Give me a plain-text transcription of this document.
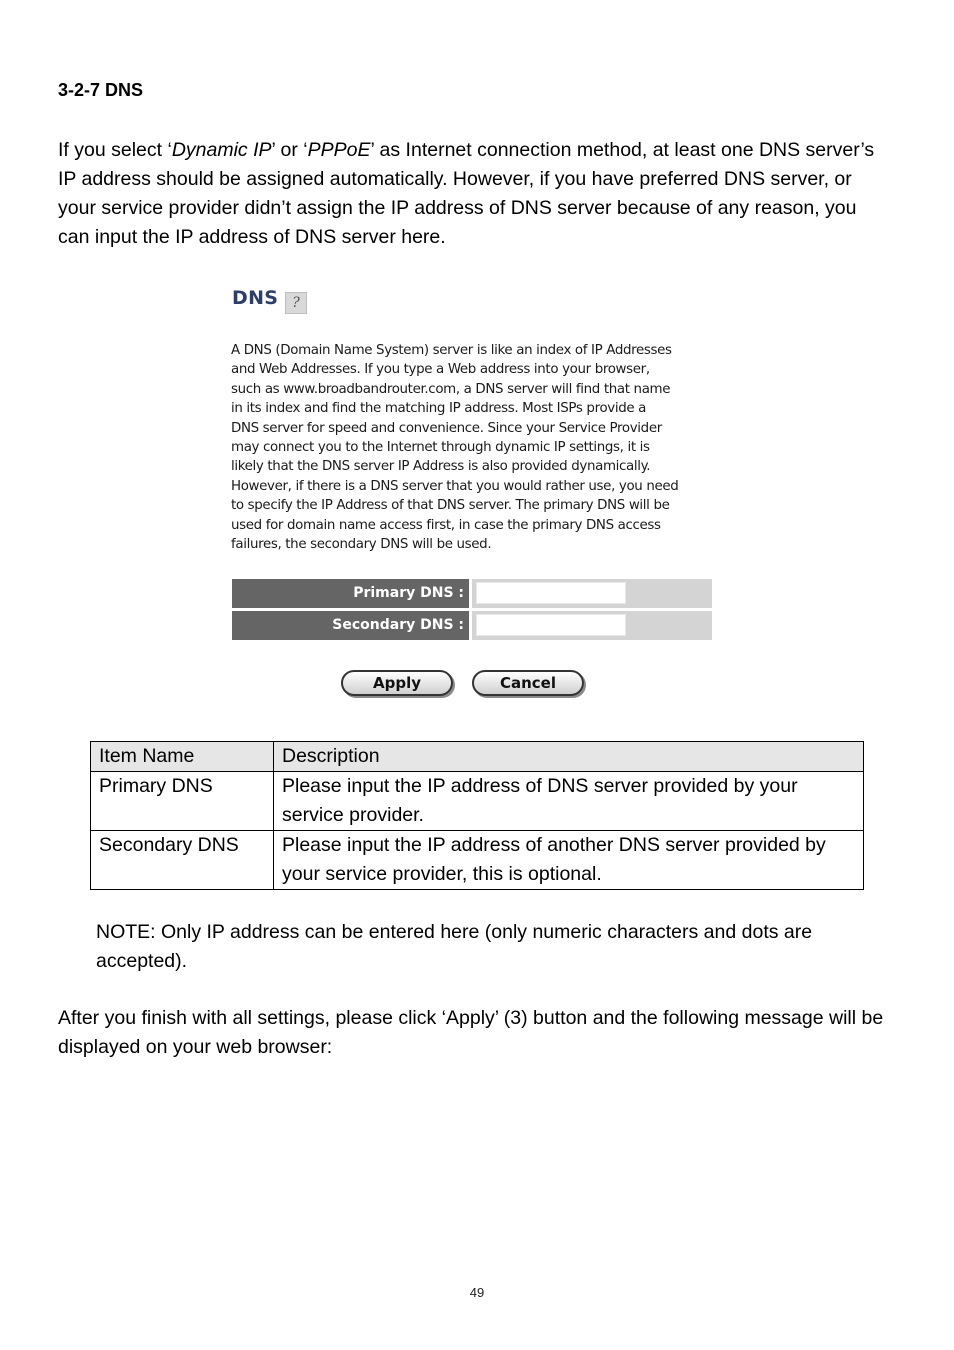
3-2-7 DNS

If you select ‘Dynamic IP’ or ‘PPPoE’ as Internet connection method, at least one DNS server’s IP address should be assigned automatically. However, if you have preferred DNS server, or your service provider didn’t assign the IP address of DNS server because of any reason, you can input the IP address of DNS server here.

DNS ?

A DNS (Domain Name System) server is like an index of IP Addresses
and Web Addresses. If you type a Web address into your browser,
such as www.broadbandrouter.com, a DNS server will find that name
in its index and find the matching IP address. Most ISPs provide a
DNS server for speed and convenience. Since your Service Provider
may connect you to the Internet through dynamic IP settings, it is
likely that the DNS server IP Address is also provided dynamically.
However, if there is a DNS server that you would rather use, you need
to specify the IP Address of that DNS server. The primary DNS will be
used for domain name access first, in case the primary DNS access
failures, the secondary DNS will be used.

Primary DNS :
Secondary DNS :
Apply	Cancel
Item Name	Description
Primary DNS	Please input the IP address of DNS server provided by your service provider.
Secondary DNS	Please input the IP address of another DNS server provided by your service provider, this is optional.

NOTE: Only IP address can be entered here (only numeric characters and dots are accepted).

After you finish with all settings, please click ‘Apply’ (3) button and the following message will be displayed on your web browser:

49
